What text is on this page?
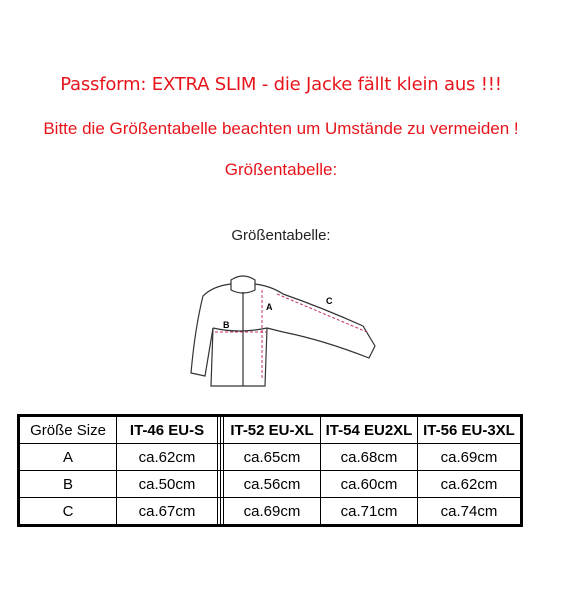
Passform: EXTRA SLIM - die Jacke fällt klein aus !!!
Bitte die Größentabelle beachten um Umstände zu vermeiden !
Größentabelle:
Größentabelle:
A
B
C
Größe Size	IT-46 EU-S			IT-52 EU-XL	IT-54 EU2XL	IT-56 EU-3XL
A	ca.62cm			ca.65cm	ca.68cm	ca.69cm
B	ca.50cm			ca.56cm	ca.60cm	ca.62cm
C	ca.67cm			ca.69cm	ca.71cm	ca.74cm
